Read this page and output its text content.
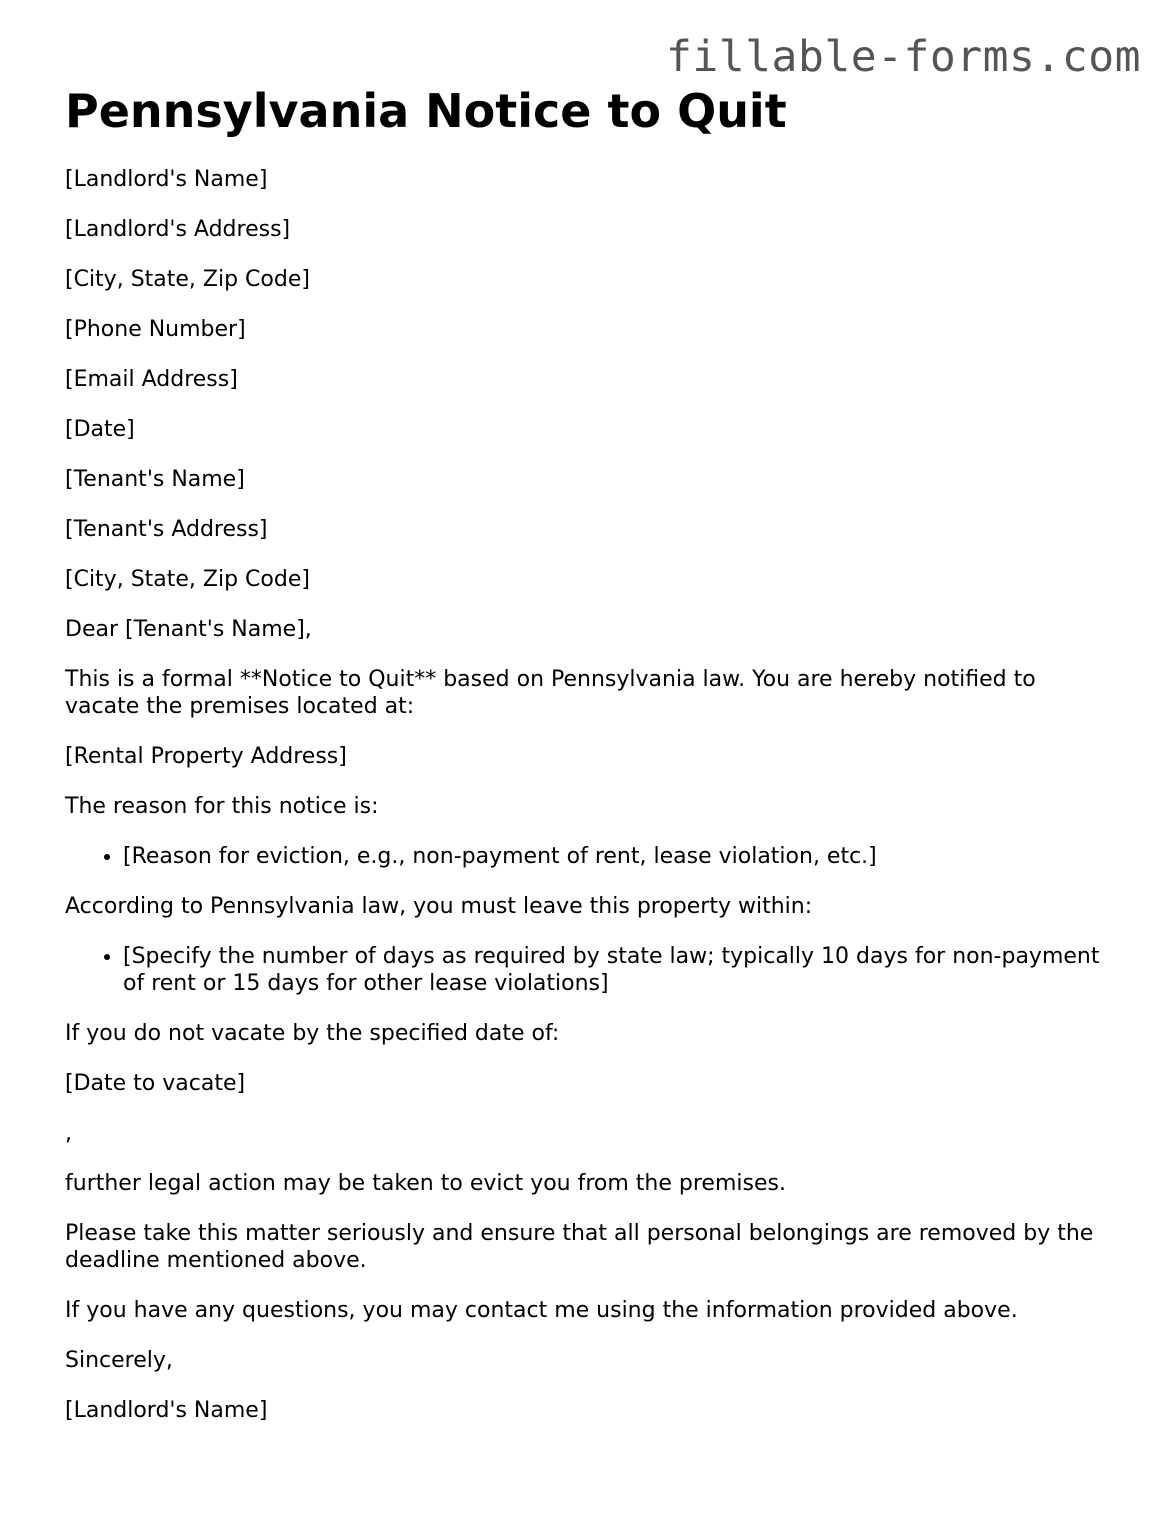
fillable-forms.com
Pennsylvania Notice to Quit

[Landlord's Name]

[Landlord's Address]

[City, State, Zip Code]

[Phone Number]

[Email Address]

[Date]

[Tenant's Name]

[Tenant's Address]

[City, State, Zip Code]

Dear [Tenant's Name],

This is a formal **Notice to Quit** based on Pennsylvania law. You are hereby notified to vacate the premises located at:

[Rental Property Address]

The reason for this notice is:

• [Reason for eviction, e.g., non-payment of rent, lease violation, etc.]

According to Pennsylvania law, you must leave this property within:

• [Specify the number of days as required by state law; typically 10 days for non-payment of rent or 15 days for other lease violations]

If you do not vacate by the specified date of:

[Date to vacate]

,

further legal action may be taken to evict you from the premises.

Please take this matter seriously and ensure that all personal belongings are removed by the deadline mentioned above.

If you have any questions, you may contact me using the information provided above.

Sincerely,

[Landlord's Name]
